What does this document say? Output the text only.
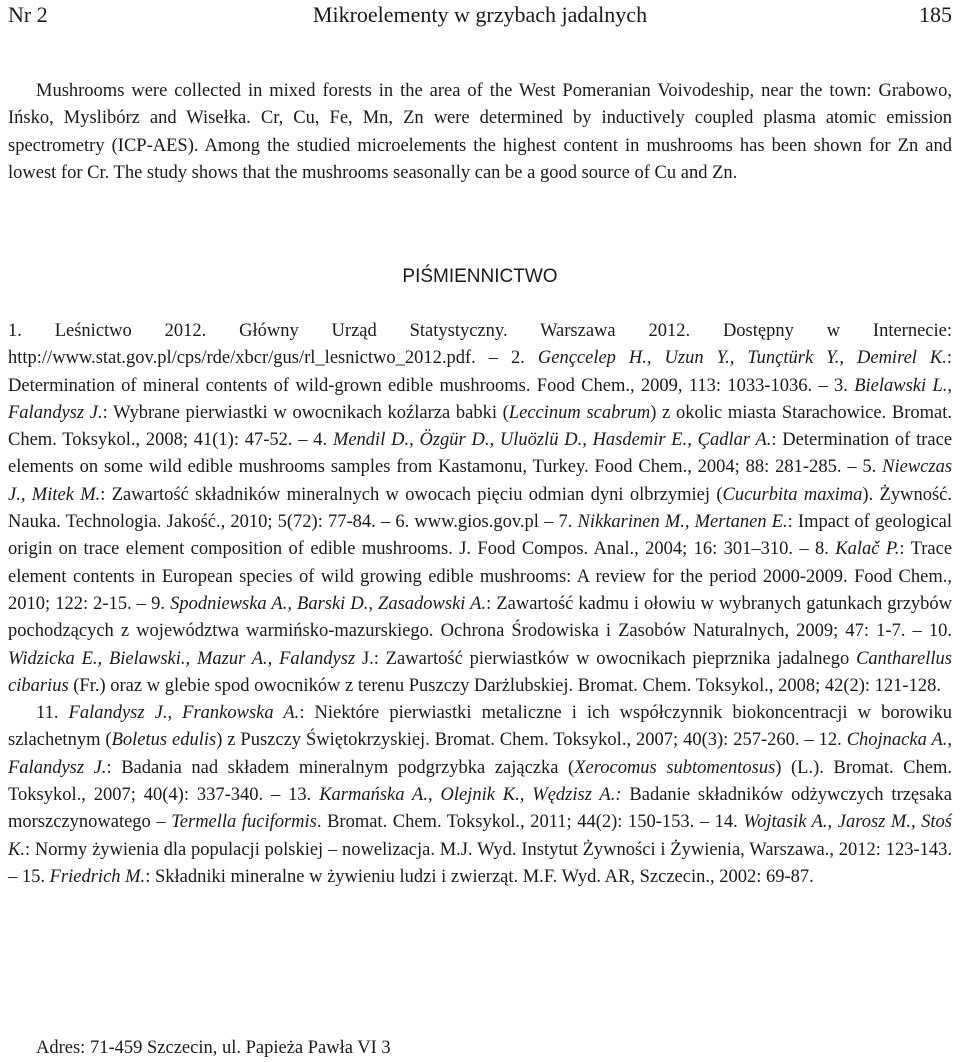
Nr 2	Mikroelementy w grzybach jadalnych	185
Mushrooms were collected in mixed forests in the area of the West Pomeranian Voivodeship, near the town: Grabowo, Ińsko, Myslibórz and Wisełka. Cr, Cu, Fe, Mn, Zn were determined by inductively coupled plasma atomic emission spectrometry (ICP-AES). Among the studied microelements the highest content in mushrooms has been shown for Zn and lowest for Cr. The study shows that the mushrooms seasonally can be a good source of Cu and Zn.
PIŚMIENNICTWO

1. Leśnictwo 2012. Główny Urząd Statystyczny. Warszawa 2012. Dostępny w Internecie: http://www.stat.gov.pl/cps/rde/xbcr/gus/rl_lesnictwo_2012.pdf. – 2. Gençcelep H., Uzun Y., Tunçtürk Y., Demirel K.: Determination of mineral contents of wild-grown edible mushrooms. Food Chem., 2009, 113: 1033-1036. – 3. Bielawski L., Falandysz J.: Wybrane pierwiastki w owocnikach koźlarza babki (Leccinum scabrum) z okolic miasta Starachowice. Bromat. Chem. Toksykol., 2008; 41(1): 47-52. – 4. Mendil D., Özgür D., Uluözlü D., Hasdemir E., Çadlar A.: Determination of trace elements on some wild edible mushrooms samples from Kastamonu, Turkey. Food Chem., 2004; 88: 281-285. – 5. Niewczas J., Mitek M.: Zawartość składników mineralnych w owocach pięciu odmian dyni olbrzymiej (Cucurbita maxima). Żywność. Nauka. Technologia. Jakość., 2010; 5(72): 77-84. – 6. www.gios.gov.pl – 7. Nikkarinen M., Mertanen E.: Impact of geological origin on trace element composition of edible mushrooms. J. Food Compos. Anal., 2004; 16: 301–310. – 8. Kalač P.: Trace element contents in European species of wild growing edible mushrooms: A review for the period 2000-2009. Food Chem., 2010; 122: 2-15. – 9. Spodniewska A., Barski D., Zasadowski A.: Zawartość kadmu i ołowiu w wybranych gatunkach grzybów pochodzących z województwa warmińsko-mazurskiego. Ochrona Środowiska i Zasobów Naturalnych, 2009; 47: 1-7. – 10. Widzicka E., Bielawski., Mazur A., Falandysz J.: Zawartość pierwiastków w owocnikach pieprznika jadalnego Cantharellus cibarius (Fr.) oraz w glebie spod owocników z terenu Puszczy Darżlubskiej. Bromat. Chem. Toksykol., 2008; 42(2): 121-128.

11. Falandysz J., Frankowska A.: Niektóre pierwiastki metaliczne i ich współczynnik biokoncentracji w borowiku szlachetnym (Boletus edulis) z Puszczy Świętokrzyskiej. Bromat. Chem. Toksykol., 2007; 40(3): 257-260. – 12. Chojnacka A., Falandysz J.: Badania nad składem mineralnym podgrzybka zajączka (Xerocomus subtomentosus) (L.). Bromat. Chem. Toksykol., 2007; 40(4): 337-340. – 13. Karmańska A., Olejnik K., Wędzisz A.: Badanie składników odżywczych trzęsaka morszczynowatego – Termella fuciformis. Bromat. Chem. Toksykol., 2011; 44(2): 150-153. – 14. Wojtasik A., Jarosz M., Stoś K.: Normy żywienia dla populacji polskiej – nowelizacja. M.J. Wyd. Instytut Żywności i Żywienia, Warszawa., 2012: 123-143. – 15. Friedrich M.: Składniki mineralne w żywieniu ludzi i zwierząt. M.F. Wyd. AR, Szczecin., 2002: 69-87.

Adres: 71-459 Szczecin, ul. Papieża Pawła VI 3
